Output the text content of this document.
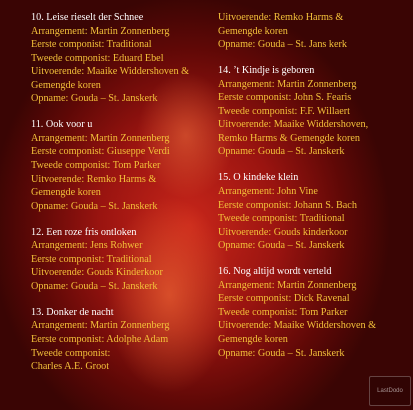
10. Leise rieselt der Schnee
Arrangement: Martin Zonnenberg
Eerste componist: Traditional
Tweede componist: Eduard Ebel
Uitvoerende: Maaike Widdershoven &
Gemengde koren
Opname: Gouda – St. Janskerk
11. Ook voor u
Arrangement: Martin Zonnenberg
Eerste componist: Giuseppe Verdi
Tweede componist: Tom Parker
Uitvoerende: Remko Harms &
Gemengde koren
Opname: Gouda – St. Janskerk
12. Een roze fris ontloken
Arrangement: Jens Rohwer
Eerste componist: Traditional
Uitvoerende: Gouds Kinderkoor
Opname: Gouda – St. Janskerk
13. Donker de nacht
Arrangement: Martin Zonnenberg
Eerste componist: Adolphe Adam
Tweede componist:
Charles A.E. Groot
Uitvoerende: Remko Harms &
Gemengde koren
Opname: Gouda – St. Jans kerk
14. ’t Kindje is geboren
Arrangement: Martin Zonnenberg
Eerste componist: John S. Fearis
Tweede componist: F.F. Willaert
Uitvoerende: Maaike Widdershoven,
Remko Harms & Gemengde koren
Opname: Gouda – St. Janskerk
15. O kindeke klein
Arrangement: John Vine
Eerste componist: Johann S. Bach
Tweede componist: Traditional
Uitvoerende: Gouds kinderkoor
Opname: Gouda – St. Janskerk
16. Nog altijd wordt verteld
Arrangement: Martin Zonnenberg
Eerste componist: Dick Ravenal
Tweede componist: Tom Parker
Uitvoerende: Maaike Widdershoven &
Gemengde koren
Opname: Gouda – St. Janskerk
LastDodo
